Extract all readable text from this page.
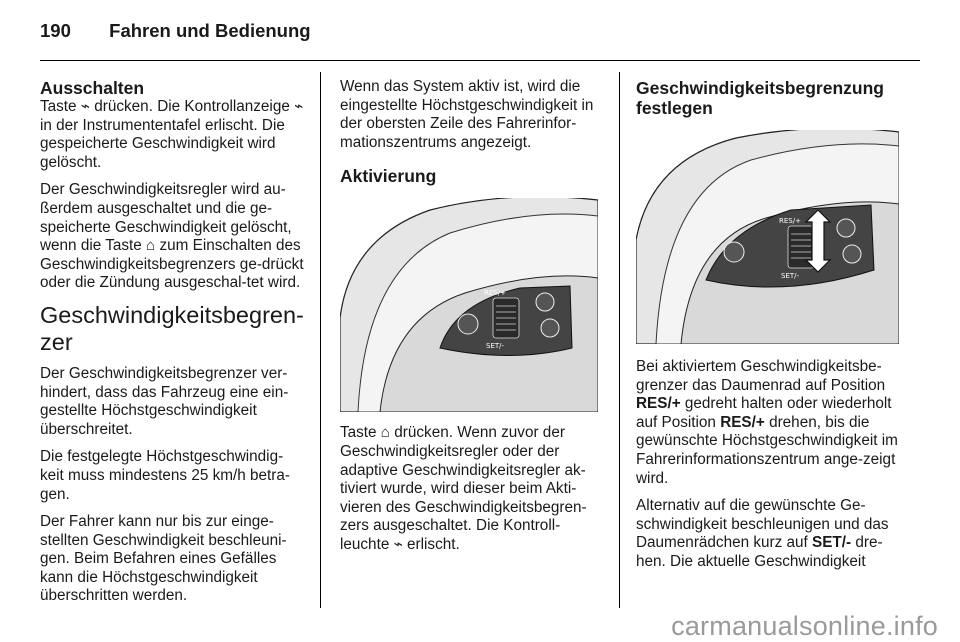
190 Fahren und Bedienung

Ausschalten

Taste ⌁ drücken. Die Kontrollanzeige ⌁ in der Instrumententafel erlischt. Die gespeicherte Geschwindigkeit wird gelöscht.

Der Geschwindigkeitsregler wird au-ßerdem ausgeschaltet und die ge-speicherte Geschwindigkeit gelöscht, wenn die Taste ⌂ zum Einschalten des Geschwindigkeitsbegrenzers ge-drückt oder die Zündung ausgeschal-tet wird.

Geschwindigkeitsbegren-zer

Der Geschwindigkeitsbegrenzer ver-hindert, dass das Fahrzeug eine ein-gestellte Höchstgeschwindigkeit überschreitet.

Die festgelegte Höchstgeschwindig-keit muss mindestens 25 km/h betra-gen.

Der Fahrer kann nur bis zur einge-stellten Geschwindigkeit beschleuni-gen. Beim Befahren eines Gefälles kann die Höchstgeschwindigkeit überschritten werden.

Wenn das System aktiv ist, wird die eingestellte Höchstgeschwindigkeit in der obersten Zeile des Fahrerinfor-mationszentrums angezeigt.

Aktivierung

RES/+
SET/-

Taste ⌂ drücken. Wenn zuvor der Geschwindigkeitsregler oder der adaptive Geschwindigkeitsregler ak-tiviert wurde, wird dieser beim Akti-vieren des Geschwindigkeitsbegren-zers ausgeschaltet. Die Kontroll-leuchte ⌁ erlischt.

Geschwindigkeitsbegrenzung festlegen

RES/+
SET/-

Bei aktiviertem Geschwindigkeitsbe-grenzer das Daumenrad auf Position RES/+ gedreht halten oder wiederholt auf Position RES/+ drehen, bis die gewünschte Höchstgeschwindigkeit im Fahrerinformationszentrum ange-zeigt wird.

Alternativ auf die gewünschte Ge-schwindigkeit beschleunigen und das Daumenrädchen kurz auf SET/- dre-hen. Die aktuelle Geschwindigkeit

carmanualsonline.info
